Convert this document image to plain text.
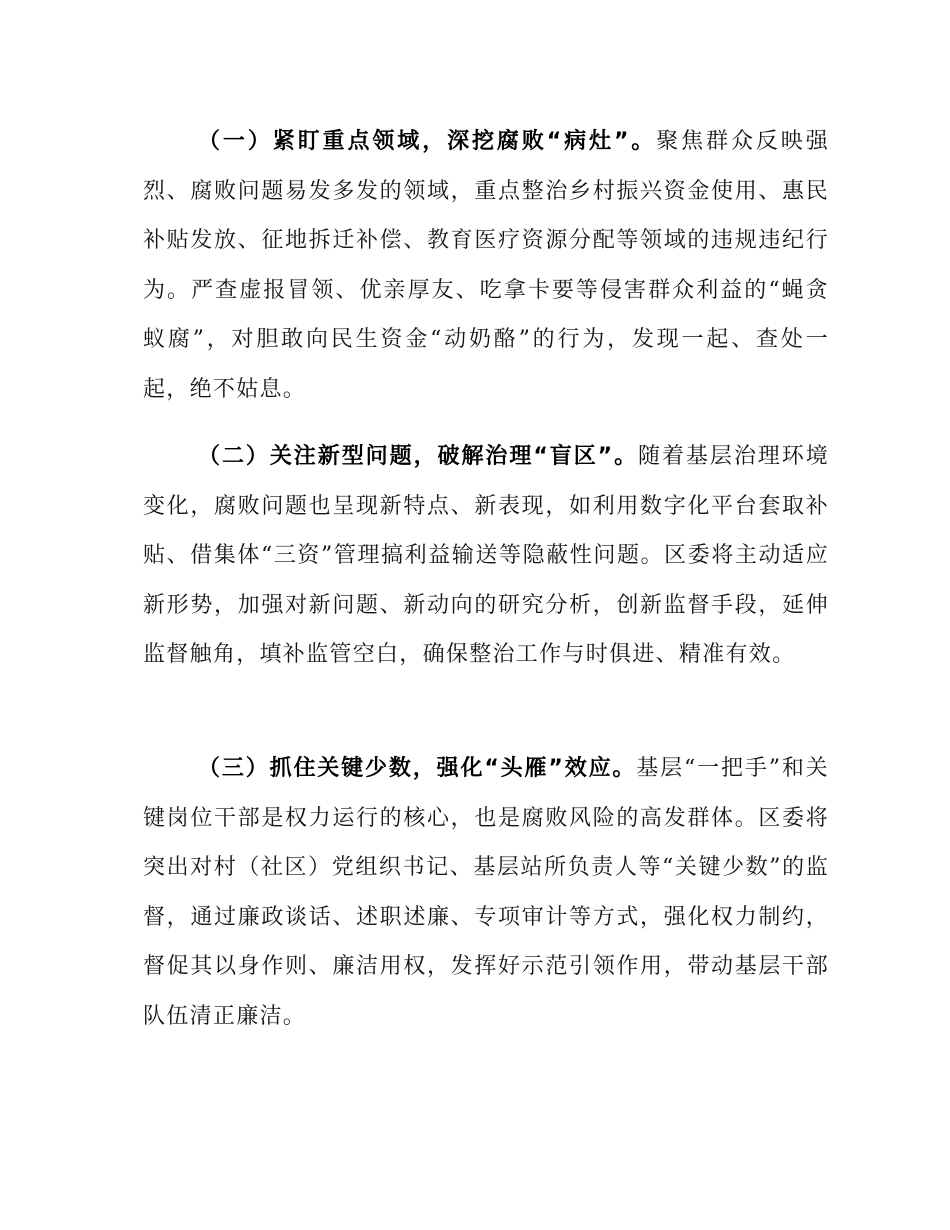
（一）紧盯重点领域，深挖腐败“病灶”。聚焦群众反映强烈、腐败问题易发多发的领域，重点整治乡村振兴资金使用、惠民补贴发放、征地拆迁补偿、教育医疗资源分配等领域的违规违纪行为。严查虚报冒领、优亲厚友、吃拿卡要等侵害群众利益的“蝇贪蚁腐”，对胆敢向民生资金“动奶酪”的行为，发现一起、查处一起，绝不姑息。

（二）关注新型问题，破解治理“盲区”。随着基层治理环境变化，腐败问题也呈现新特点、新表现，如利用数字化平台套取补贴、借集体“三资”管理搞利益输送等隐蔽性问题。区委将主动适应新形势，加强对新问题、新动向的研究分析，创新监督手段，延伸监督触角，填补监管空白，确保整治工作与时俱进、精准有效。

（三）抓住关键少数，强化“头雁”效应。基层“一把手”和关键岗位干部是权力运行的核心，也是腐败风险的高发群体。区委将突出对村（社区）党组织书记、基层站所负责人等“关键少数”的监督，通过廉政谈话、述职述廉、专项审计等方式，强化权力制约，督促其以身作则、廉洁用权，发挥好示范引领作用，带动基层干部队伍清正廉洁。
